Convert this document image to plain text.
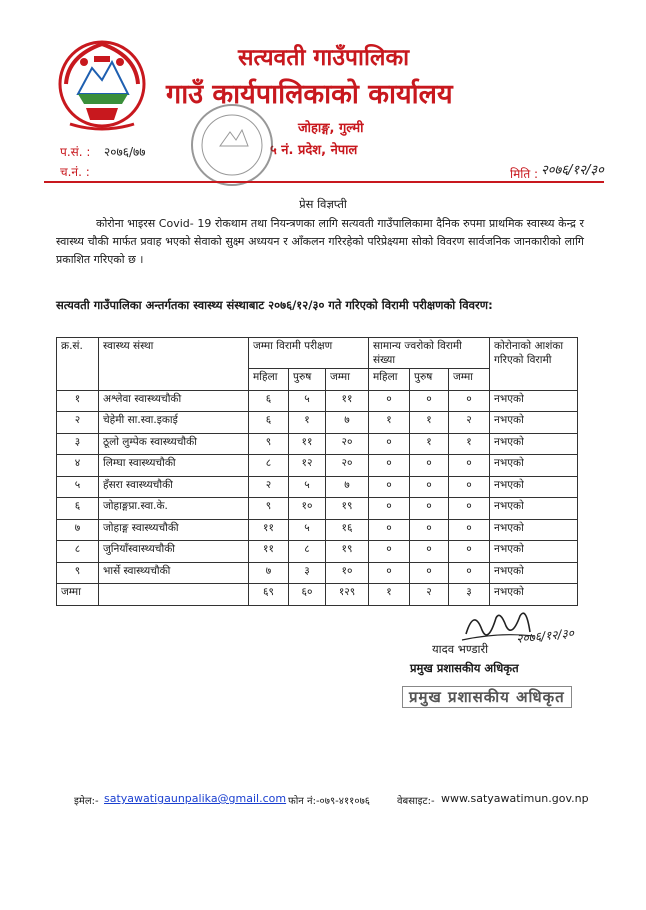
सत्यवती गाउँपालिका
गाउँ कार्यपालिकाको कार्यालय
जोहाङ्ग, गुल्मी
५ नं. प्रदेश, नेपाल
प.सं. : २०७६/७७
च.नं. :	मिति : २०७६/१२/३०
प्रेस विज्ञप्ती
कोरोना भाइरस Covid- 19 रोकथाम तथा नियन्त्रणका लागि सत्यवती गाउँपालिकामा दैनिक रुपमा प्राथमिक स्वास्थ्य केन्द्र र स्वास्थ्य चौकी मार्फत प्रवाह भएको सेवाको सुक्ष्म अध्ययन र आँकलन गरिरहेको परिप्रेक्ष्यमा सोको विवरण सार्वजनिक जानकारीको लागि प्रकाशित गरिएको छ ।
सत्यवती गाउँपालिका अन्तर्गतका स्वास्थ्य संस्थाबाट २०७६/१२/३० गते गरिएको विरामी परीक्षणको विवरण:
क्र.सं.	स्वास्थ्य संस्था	जम्मा विरामी परीक्षण			सामान्य ज्वरोको विरामी संख्या			कोरोनाको आशंका गरिएको विरामी
		महिला	पुरुष	जम्मा	महिला	पुरुष	जम्मा	
१	अश्लेवा स्वास्थ्यचौकी	६	५	११	०	०	०	नभएको
२	चेहेमी सा.स्वा.इकाई	६	१	७	१	१	२	नभएको
३	ठूलो लुम्पेक स्वास्थ्यचौकी	९	११	२०	०	१	१	नभएको
४	लिम्घा स्वास्थ्यचौकी	८	१२	२०	०	०	०	नभएको
५	हँसरा स्वास्थ्यचौकी	२	५	७	०	०	०	नभएको
६	जोहाङ्गप्रा.स्वा.के.	९	१०	१९	०	०	०	नभएको
७	जोहाङ्ग स्वास्थ्यचौकी	११	५	१६	०	०	०	नभएको
८	जुनियाँस्वास्थ्यचौकी	११	८	१९	०	०	०	नभएको
९	भार्से स्वास्थ्यचौकी	७	३	१०	०	०	०	नभएको
जम्मा		६९	६०	१२९	१	२	३	नभएको
२०७६/१२/३०
यादव भण्डारी
प्रमुख प्रशासकीय अधिकृत
प्रमुख प्रशासकीय अधिकृत
इमेल:- satyawatigaunpalika@gmail.com फोन नं:-०७९-४११०७६	वेबसाइट:- www.satyawatimun.gov.np
